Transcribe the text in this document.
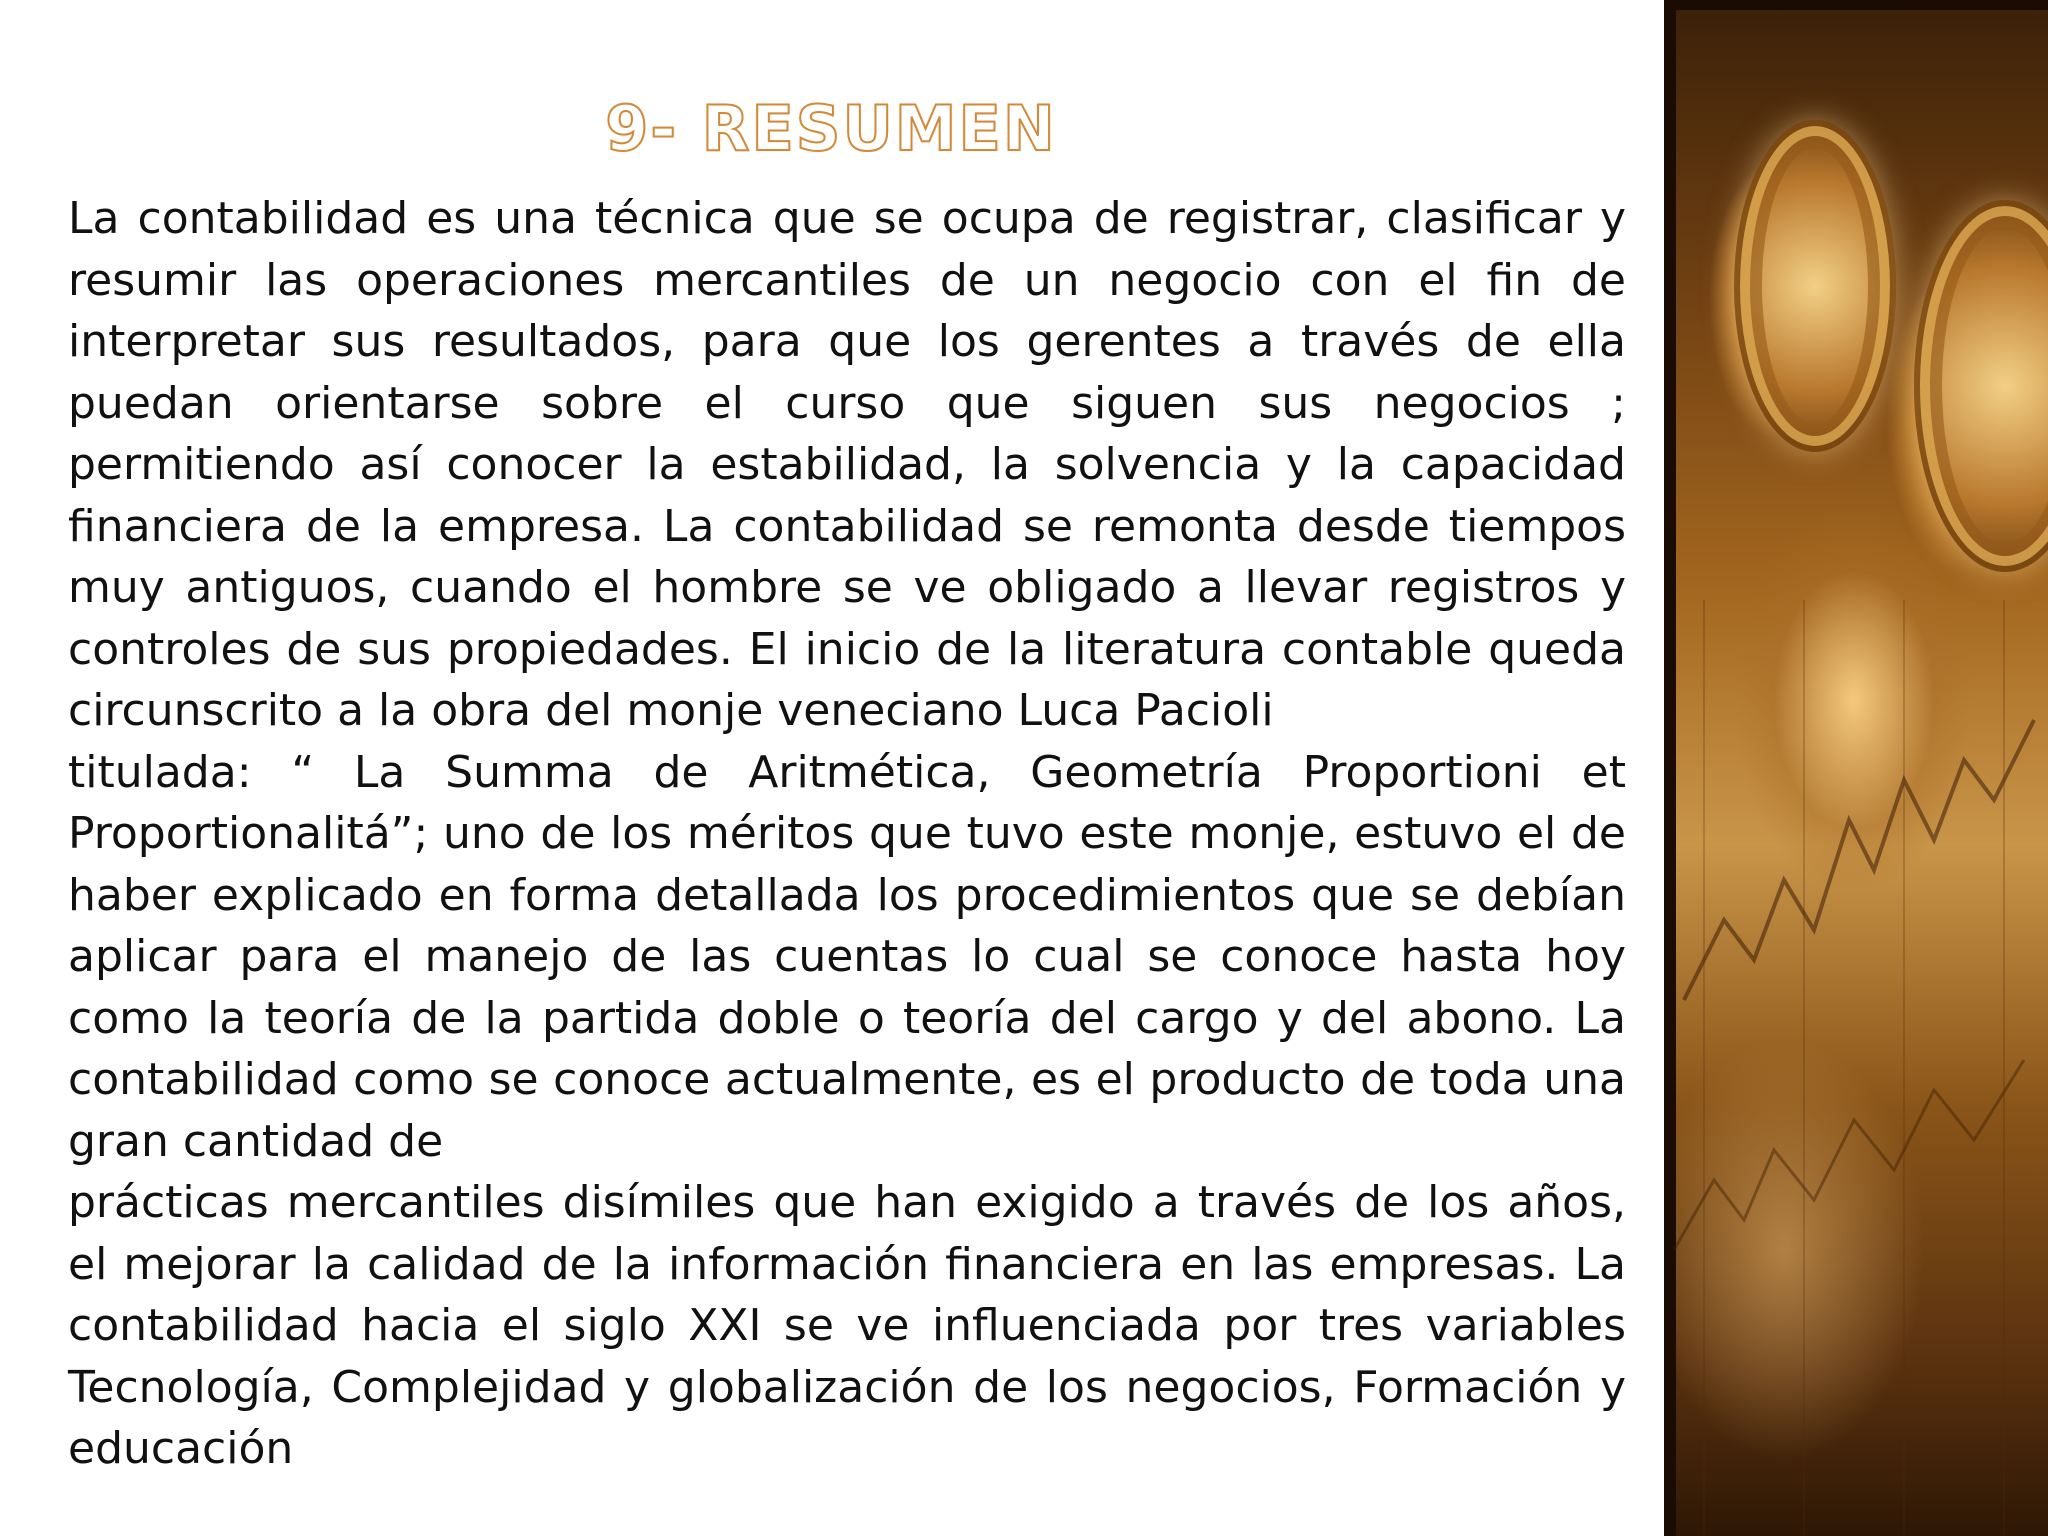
9- RESUMEN

La contabilidad es una técnica que se ocupa de registrar, clasificar y resumir las operaciones mercantiles de un negocio con el fin de interpretar sus resultados, para que los gerentes a través de ella puedan orientarse sobre el curso que siguen sus negocios ; permitiendo así conocer la estabilidad, la solvencia y la capacidad financiera de la empresa. La contabilidad se remonta desde tiempos muy antiguos, cuando el hombre se ve obligado a llevar registros y controles de sus propiedades. El inicio de la literatura contable queda circunscrito a la obra del monje veneciano Luca Pacioli

titulada: “ La Summa de Aritmética, Geometría Proportioni et Proportionalitá”; uno de los méritos que tuvo este monje, estuvo el de haber explicado en forma detallada los procedimientos que se debían aplicar para el manejo de las cuentas lo cual se conoce hasta hoy como la teoría de la partida doble o teoría del cargo y del abono. La contabilidad como se conoce actualmente, es el producto de toda una gran cantidad de

prácticas mercantiles disímiles que han exigido a través de los años, el mejorar la calidad de la información financiera en las empresas. La contabilidad hacia el siglo XXI se ve influenciada por tres variables Tecnología, Complejidad y globalización de los negocios, Formación y educación
